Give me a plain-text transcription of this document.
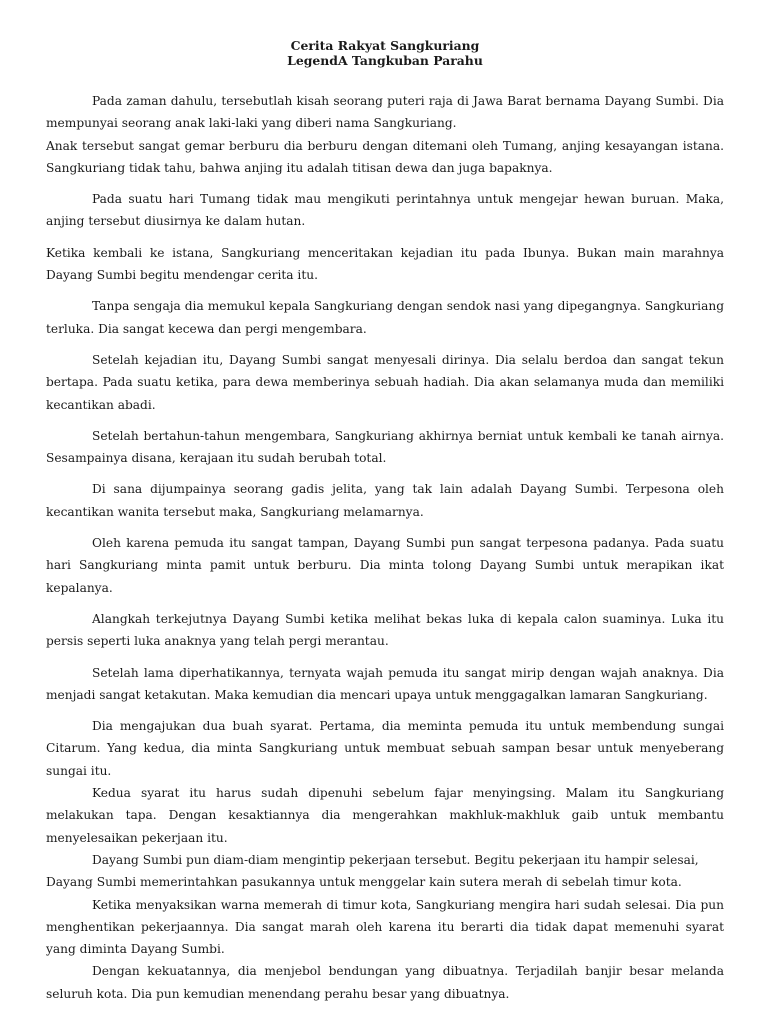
Cerita Rakyat Sangkuriang
LegendA Tangkuban Parahu

Pada zaman dahulu, tersebutlah kisah seorang puteri raja di Jawa Barat bernama Dayang Sumbi. Dia mempunyai seorang anak laki-laki yang diberi nama Sangkuriang.

Anak tersebut sangat gemar berburu dia berburu dengan ditemani oleh Tumang, anjing kesayangan istana. Sangkuriang tidak tahu, bahwa anjing itu adalah titisan dewa dan juga bapaknya.

Pada suatu hari Tumang tidak mau mengikuti perintahnya untuk mengejar hewan buruan. Maka, anjing tersebut diusirnya ke dalam hutan.

Ketika kembali ke istana, Sangkuriang menceritakan kejadian itu pada Ibunya. Bukan main marahnya Dayang Sumbi begitu mendengar cerita itu.

Tanpa sengaja dia memukul kepala Sangkuriang dengan sendok nasi yang dipegangnya. Sangkuriang terluka. Dia sangat kecewa dan pergi mengembara.

Setelah kejadian itu, Dayang Sumbi sangat menyesali dirinya. Dia selalu berdoa dan sangat tekun bertapa. Pada suatu ketika, para dewa memberinya sebuah hadiah. Dia akan selamanya muda dan memiliki kecantikan abadi.

Setelah bertahun-tahun mengembara, Sangkuriang akhirnya berniat untuk kembali ke tanah airnya. Sesampainya disana, kerajaan itu sudah berubah total.

Di sana dijumpainya seorang gadis jelita, yang tak lain adalah Dayang Sumbi. Terpesona oleh kecantikan wanita tersebut maka, Sangkuriang melamarnya.

Oleh karena pemuda itu sangat tampan, Dayang Sumbi pun sangat terpesona padanya. Pada suatu hari Sangkuriang minta pamit untuk berburu. Dia minta tolong Dayang Sumbi untuk merapikan ikat kepalanya.

Alangkah terkejutnya Dayang Sumbi ketika melihat bekas luka di kepala calon suaminya. Luka itu persis seperti luka anaknya yang telah pergi merantau.

Setelah lama diperhatikannya, ternyata wajah pemuda itu sangat mirip dengan wajah anaknya. Dia menjadi sangat ketakutan. Maka kemudian dia mencari upaya untuk menggagalkan lamaran Sangkuriang.

Dia mengajukan dua buah syarat. Pertama, dia meminta pemuda itu untuk membendung sungai Citarum. Yang kedua, dia minta Sangkuriang untuk membuat sebuah sampan besar untuk menyeberang sungai itu.

Kedua syarat itu harus sudah dipenuhi sebelum fajar menyingsing. Malam itu Sangkuriang melakukan tapa. Dengan kesaktiannya dia mengerahkan makhluk-makhluk gaib untuk membantu menyelesaikan pekerjaan itu.

Dayang Sumbi pun diam-diam mengintip pekerjaan tersebut. Begitu pekerjaan itu hampir selesai,

Dayang Sumbi memerintahkan pasukannya untuk menggelar kain sutera merah di sebelah timur kota.

Ketika menyaksikan warna memerah di timur kota, Sangkuriang mengira hari sudah selesai. Dia pun menghentikan pekerjaannya. Dia sangat marah oleh karena itu berarti dia tidak dapat memenuhi syarat yang diminta Dayang Sumbi.

Dengan kekuatannya, dia menjebol bendungan yang dibuatnya. Terjadilah banjir besar melanda seluruh kota. Dia pun kemudian menendang perahu besar yang dibuatnya.
